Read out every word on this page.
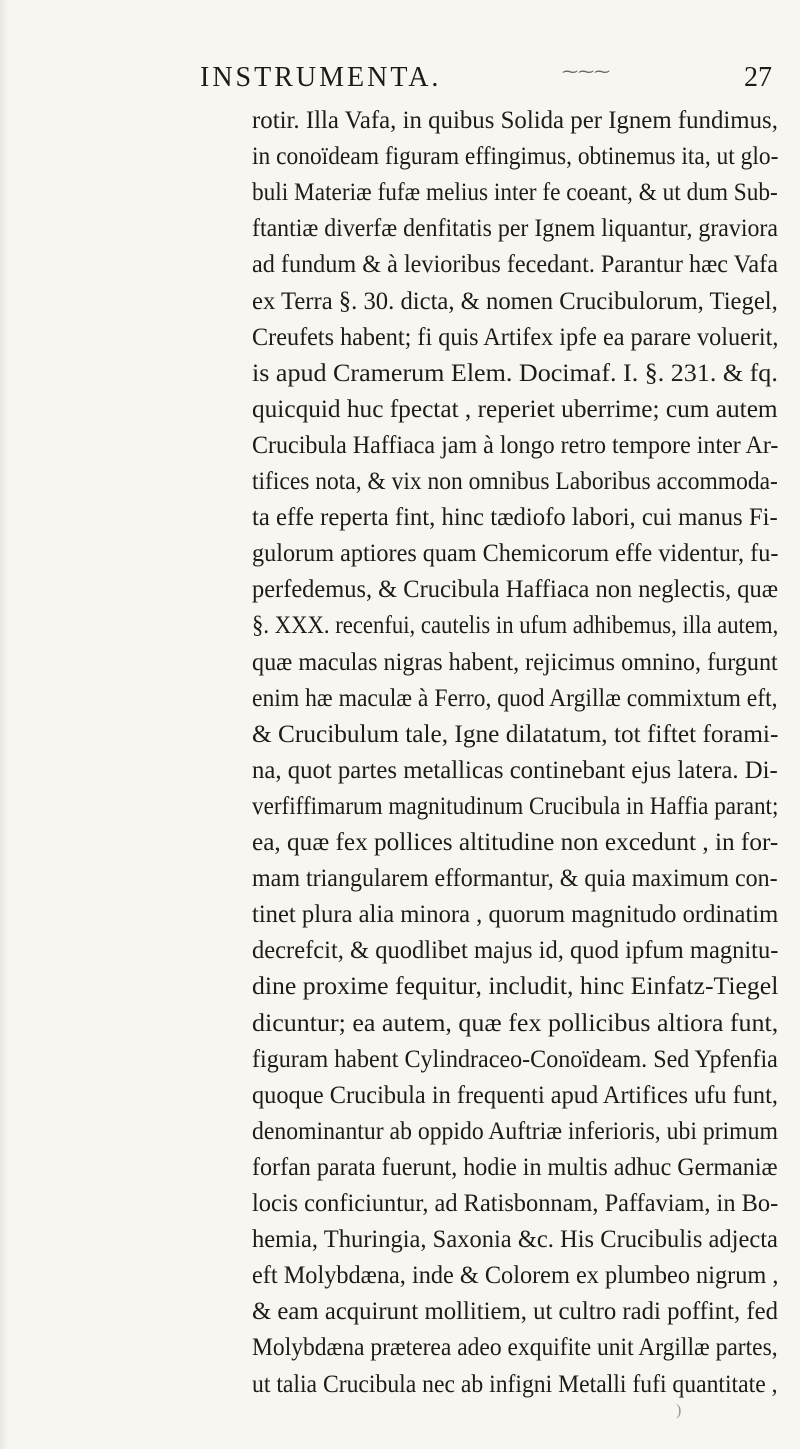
INSTRUMENTA.	⁓⁓⁓	27
rotir. Illa Vafa, in quibus Solida per Ignem fundimus,
in conoïdeam figuram effingimus, obtinemus ita, ut glo-
buli Materiæ fufæ melius inter fe coeant, & ut dum Sub-
ftantiæ diverfæ denfitatis per Ignem liquantur, graviora
ad fundum & à levioribus fecedant. Parantur hæc Vafa
ex Terra §. 30. dicta, & nomen Crucibulorum, Tiegel,
Creufets habent; fi quis Artifex ipfe ea parare voluerit,
is apud Cramerum Elem. Docimaf. I. §. 231. & fq.
quicquid huc fpectat , reperiet uberrime; cum autem
Crucibula Haffiaca jam à longo retro tempore inter Ar-
tifices nota, & vix non omnibus Laboribus accommoda-
ta effe reperta fint, hinc tædiofo labori, cui manus Fi-
gulorum aptiores quam Chemicorum effe videntur, fu-
perfedemus, & Crucibula Haffiaca non neglectis, quæ
§. XXX. recenfui, cautelis in ufum adhibemus, illa autem,
quæ maculas nigras habent, rejicimus omnino, furgunt
enim hæ maculæ à Ferro, quod Argillæ commixtum eft,
& Crucibulum tale, Igne dilatatum, tot fiftet forami-
na, quot partes metallicas continebant ejus latera. Di-
verfiffimarum magnitudinum Crucibula in Haffia parant;
ea, quæ fex pollices altitudine non excedunt , in for-
mam triangularem efformantur, & quia maximum con-
tinet plura alia minora , quorum magnitudo ordinatim
decrefcit, & quodlibet majus id, quod ipfum magnitu-
dine proxime fequitur, includit, hinc Einfatz-Tiegel
dicuntur; ea autem, quæ fex pollicibus altiora funt,
figuram habent Cylindraceo-Conoïdeam. Sed Ypfenfia
quoque Crucibula in frequenti apud Artifices ufu funt,
denominantur ab oppido Auftriæ inferioris, ubi primum
forfan parata fuerunt, hodie in multis adhuc Germaniæ
locis conficiuntur, ad Ratisbonnam, Paffaviam, in Bo-
hemia, Thuringia, Saxonia &c. His Crucibulis adjecta
eft Molybdæna, inde & Colorem ex plumbeo nigrum ,
& eam acquirunt mollitiem, ut cultro radi poffint, fed
Molybdæna præterea adeo exquifite unit Argillæ partes,
ut talia Crucibula nec ab infigni Metalli fufi quantitate ,
)
